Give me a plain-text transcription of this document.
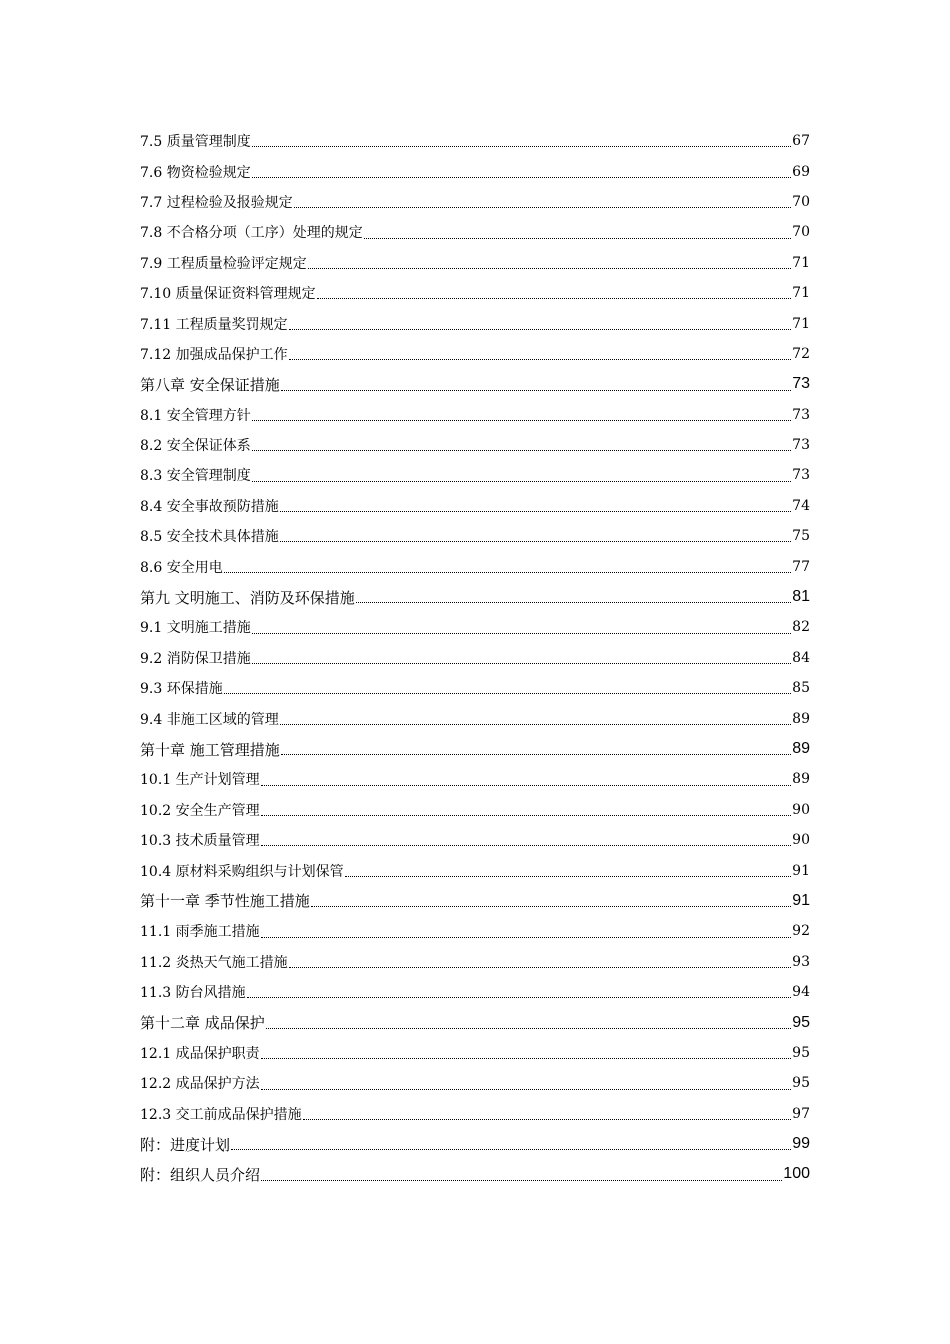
7.5 质量管理制度	67
7.6 物资检验规定	69
7.7 过程检验及报验规定	70
7.8 不合格分项（工序）处理的规定	70
7.9 工程质量检验评定规定	71
7.10 质量保证资料管理规定	71
7.11 工程质量奖罚规定	71
7.12 加强成品保护工作	72
第八章 安全保证措施	73
8.1 安全管理方针	73
8.2 安全保证体系	73
8.3 安全管理制度	73
8.4 安全事故预防措施	74
8.5 安全技术具体措施	75
8.6 安全用电	77
第九 文明施工、消防及环保措施	81
9.1 文明施工措施	82
9.2 消防保卫措施	84
9.3 环保措施	85
9.4 非施工区域的管理	89
第十章 施工管理措施	89
10.1 生产计划管理	89
10.2 安全生产管理	90
10.3 技术质量管理	90
10.4 原材料采购组织与计划保管	91
第十一章 季节性施工措施	91
11.1 雨季施工措施	92
11.2 炎热天气施工措施	93
11.3 防台风措施	94
第十二章 成品保护	95
12.1 成品保护职责	95
12.2 成品保护方法	95
12.3 交工前成品保护措施	97
附：进度计划	99
附：组织人员介绍	100
